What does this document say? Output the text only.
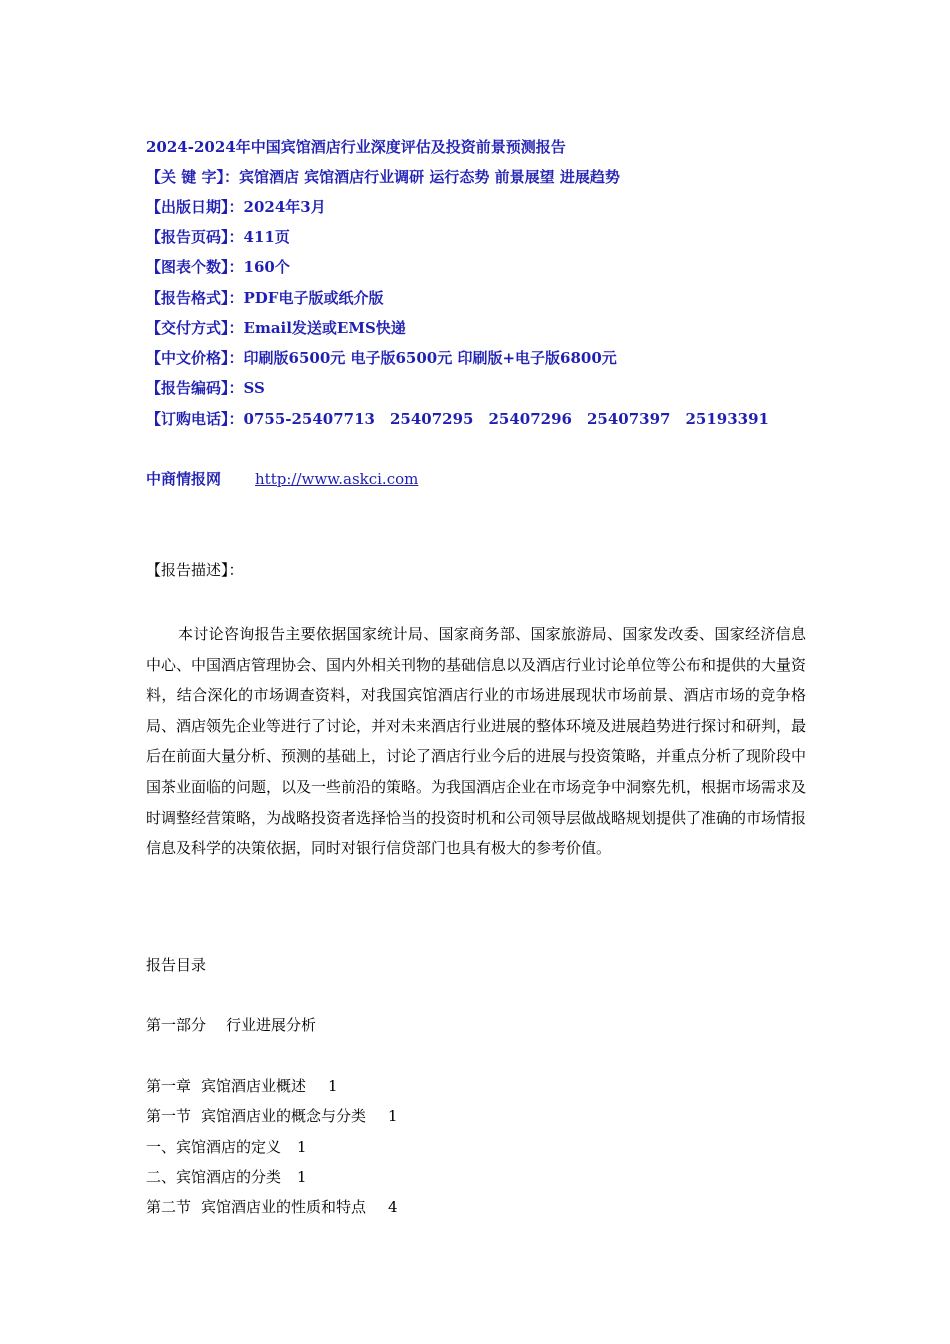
2024-2024年中国宾馆酒店行业深度评估及投资前景预测报告
【关 键 字】：宾馆酒店 宾馆酒店行业调研 运行态势 前景展望 进展趋势
【出版日期】：2024年3月
【报告页码】：411页
【图表个数】：160个
【报告格式】：PDF电子版或纸介版
【交付方式】：Email发送或EMS快递
【中文价格】：印刷版6500元 电子版6500元 印刷版+电子版6800元
【报告编码】：SS
【订购电话】：0755-25407713　25407295　25407296　25407397　25193391
中商情报网 http://www.askci.com
【报告描述】：
本讨论咨询报告主要依据国家统计局、国家商务部、国家旅游局、国家发改委、国家经济信息中心、中国酒店管理协会、国内外相关刊物的基础信息以及酒店行业讨论单位等公布和提供的大量资料，结合深化的市场调查资料，对我国宾馆酒店行业的市场进展现状市场前景、酒店市场的竞争格局、酒店领先企业等进行了讨论，并对未来酒店行业进展的整体环境及进展趋势进行探讨和研判，最后在前面大量分析、预测的基础上，讨论了酒店行业今后的进展与投资策略，并重点分析了现阶段中国茶业面临的问题，以及一些前沿的策略。为我国酒店企业在市场竞争中洞察先机，根据市场需求及时调整经营策略，为战略投资者选择恰当的投资时机和公司领导层做战略规划提供了准确的市场情报信息及科学的决策依据，同时对银行信贷部门也具有极大的参考价值。
报告目录
第一部分 行业进展分析
第一章 宾馆酒店业概述 1
第一节 宾馆酒店业的概念与分类 1
一、宾馆酒店的定义 1
二、宾馆酒店的分类 1
第二节 宾馆酒店业的性质和特点 4
